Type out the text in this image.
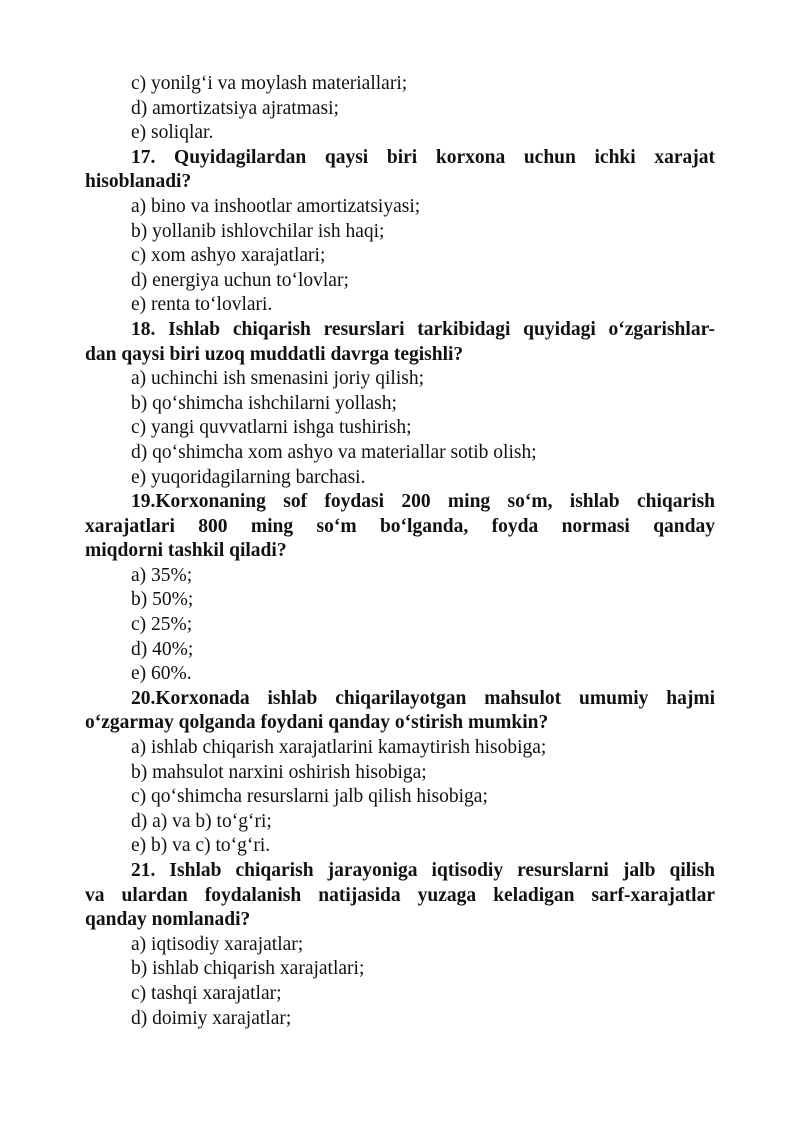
c) yonilg‘i va moylash materiallari;
d) amortizatsiya ajratmasi;
e) soliqlar.
17. Quyidagilardan qaysi biri korxona uchun ichki xarajat
hisoblanadi?
a) bino va inshootlar amortizatsiyasi;
b) yollanib ishlovchilar ish haqi;
c) xom ashyo xarajatlari;
d) energiya uchun to‘lovlar;
e) renta to‘lovlari.
18. Ishlab chiqarish resurslari tarkibidagi quyidagi o‘zgarishlar-
dan qaysi biri uzoq muddatli davrga tegishli?
a) uchinchi ish smenasini joriy qilish;
b) qo‘shimcha ishchilarni yollash;
c) yangi quvvatlarni ishga tushirish;
d) qo‘shimcha xom ashyo va materiallar sotib olish;
e) yuqoridagilarning barchasi.
19.Korxonaning sof foydasi 200 ming so‘m, ishlab chiqarish
xarajatlari 800 ming so‘m bo‘lganda, foyda normasi qanday
miqdorni tashkil qiladi?
a) 35%;
b) 50%;
c) 25%;
d) 40%;
e) 60%.
20.Korxonada ishlab chiqarilayotgan mahsulot umumiy hajmi
o‘zgarmay qolganda foydani qanday o‘stirish mumkin?
a) ishlab chiqarish xarajatlarini kamaytirish hisobiga;
b) mahsulot narxini oshirish hisobiga;
c) qo‘shimcha resurslarni jalb qilish hisobiga;
d) a) va b) to‘g‘ri;
e) b) va c) to‘g‘ri.
21. Ishlab chiqarish jarayoniga iqtisodiy resurslarni jalb qilish
va ulardan foydalanish natijasida yuzaga keladigan sarf-xarajatlar
qanday nomlanadi?
a) iqtisodiy xarajatlar;
b) ishlab chiqarish xarajatlari;
c) tashqi xarajatlar;
d) doimiy xarajatlar;
